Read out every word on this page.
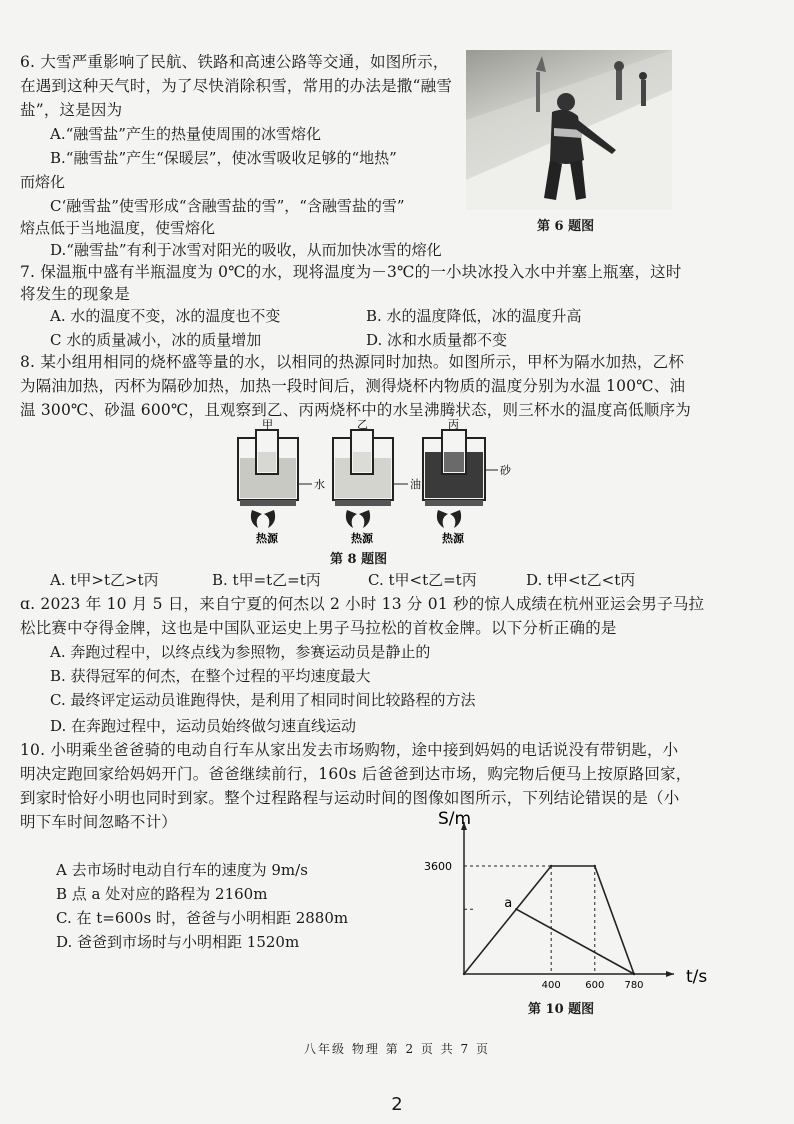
6. 大雪严重影响了民航、铁路和高速公路等交通，如图所示，
在遇到这种天气时，为了尽快消除积雪，常用的办法是撒“融雪
盐”，这是因为
A.“融雪盐”产生的热量使周围的冰雪熔化
B.“融雪盐”产生“保暖层”，使冰雪吸收足够的“地热”
而熔化
C‘融雪盐”使雪形成“含融雪盐的雪”，“含融雪盐的雪”
熔点低于当地温度，使雪熔化
D.“融雪盐”有利于冰雪对阳光的吸收，从而加快冰雪的熔化
第 6 题图
7. 保温瓶中盛有半瓶温度为 0℃的水，现将温度为－3℃的一小块冰投入水中并塞上瓶塞，这时
将发生的现象是
A. 水的温度不变，冰的温度也不变	B. 水的温度降低，冰的温度升高
C 水的质量减小，冰的质量增加	D. 冰和水质量都不变
8. 某小组用相同的烧杯盛等量的水，以相同的热源同时加热。如图所示，甲杯为隔水加热，乙杯
为隔油加热，丙杯为隔砂加热，加热一段时间后，测得烧杯内物质的温度分别为水温 100℃、油
温 300℃、砂温 600℃，且观察到乙、丙两烧杯中的水呈沸腾状态，则三杯水的温度高低顺序为
甲	乙	丙
水	油
砂
热源	热源	热源
第 8 题图
A. t甲>t乙>t丙	B. t甲=t乙=t丙	C. t甲<t乙=t丙	D. t甲<t乙<t丙
ɑ. 2023 年 10 月 5 日，来自宁夏的何杰以 2 小时 13 分 01 秒的惊人成绩在杭州亚运会男子马拉
松比赛中夺得金牌，这也是中国队亚运史上男子马拉松的首枚金牌。以下分析正确的是
A. 奔跑过程中，以终点线为参照物，参赛运动员是静止的
B. 获得冠军的何杰，在整个过程的平均速度最大
C. 最终评定运动员谁跑得快，是利用了相同时间比较路程的方法
D. 在奔跑过程中，运动员始终做匀速直线运动
10. 小明乘坐爸爸骑的电动自行车从家出发去市场购物，途中接到妈妈的电话说没有带钥匙，小
明决定跑回家给妈妈开门。爸爸继续前行，160s 后爸爸到达市场，购完物后便马上按原路回家，
到家时恰好小明也同时到家。整个过程路程与运动时间的图像如图所示，下列结论错误的是（小
明下车时间忽略不计）
A 去市场时电动自行车的速度为 9m/s
B 点 a 处对应的路程为 2160m
C. 在 t=600s 时，爸爸与小明相距 2880m
D. 爸爸到市场时与小明相距 1520m
S/m
t/s
3600
400 600 780
a
第 10 题图
八年级 物理 第 2 页 共 7 页
2
